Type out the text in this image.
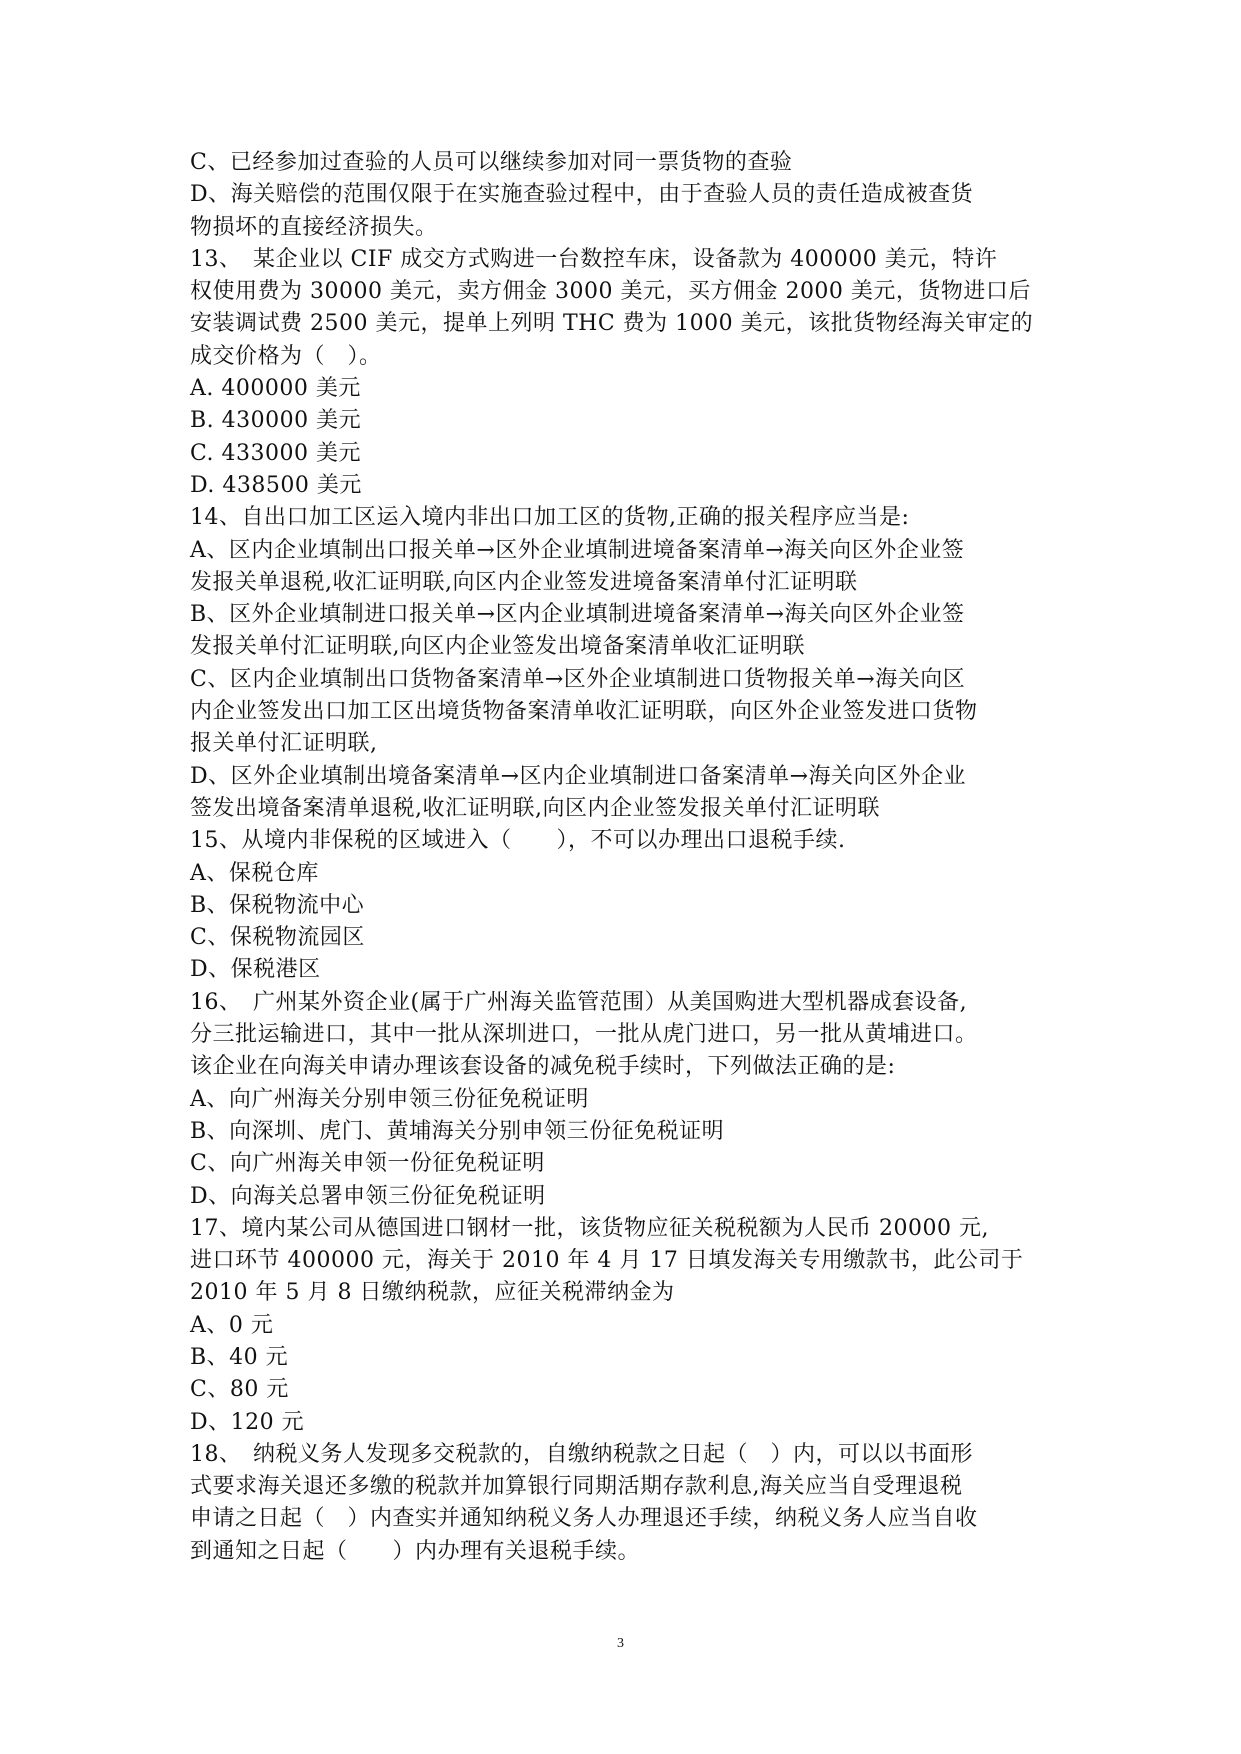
C、已经参加过查验的人员可以继续参加对同一票货物的查验
D、海关赔偿的范围仅限于在实施查验过程中，由于查验人员的责任造成被查货
物损坏的直接经济损失。
13、　某企业以 CIF 成交方式购进一台数控车床，设备款为 400000 美元，特许
权使用费为 30000 美元，卖方佣金 3000 美元，买方佣金 2000 美元，货物进口后
安装调试费 2500 美元，提单上列明 THC 费为 1000 美元，该批货物经海关审定的
成交价格为（　）。
A. 400000 美元
B. 430000 美元
C. 433000 美元
D. 438500 美元
14、自出口加工区运入境内非出口加工区的货物,正确的报关程序应当是:
A、区内企业填制出口报关单→区外企业填制进境备案清单→海关向区外企业签
发报关单退税,收汇证明联,向区内企业签发进境备案清单付汇证明联
B、区外企业填制进口报关单→区内企业填制进境备案清单→海关向区外企业签
发报关单付汇证明联,向区内企业签发出境备案清单收汇证明联
C、区内企业填制出口货物备案清单→区外企业填制进口货物报关单→海关向区
内企业签发出口加工区出境货物备案清单收汇证明联，向区外企业签发进口货物
报关单付汇证明联,
D、区外企业填制出境备案清单→区内企业填制进口备案清单→海关向区外企业
签发出境备案清单退税,收汇证明联,向区内企业签发报关单付汇证明联
15、从境内非保税的区域进入（　　），不可以办理出口退税手续.
A、保税仓库
B、保税物流中心
C、保税物流园区
D、保税港区
16、　广州某外资企业(属于广州海关监管范围）从美国购进大型机器成套设备,
分三批运输进口，其中一批从深圳进口，一批从虎门进口，另一批从黄埔进口。
该企业在向海关申请办理该套设备的减免税手续时，下列做法正确的是:
A、向广州海关分别申领三份征免税证明
B、向深圳、虎门、黄埔海关分别申领三份征免税证明
C、向广州海关申领一份征免税证明
D、向海关总署申领三份征免税证明
17、境内某公司从德国进口钢材一批，该货物应征关税税额为人民币 20000 元,
进口环节 400000 元，海关于 2010 年 4 月 17 日填发海关专用缴款书，此公司于
2010 年 5 月 8 日缴纳税款，应征关税滞纳金为
A、0 元
B、40 元
C、80 元
D、120 元
18、　纳税义务人发现多交税款的，自缴纳税款之日起（　）内，可以以书面形
式要求海关退还多缴的税款并加算银行同期活期存款利息,海关应当自受理退税
申请之日起（　）内查实并通知纳税义务人办理退还手续，纳税义务人应当自收
到通知之日起（　　）内办理有关退税手续。
3
